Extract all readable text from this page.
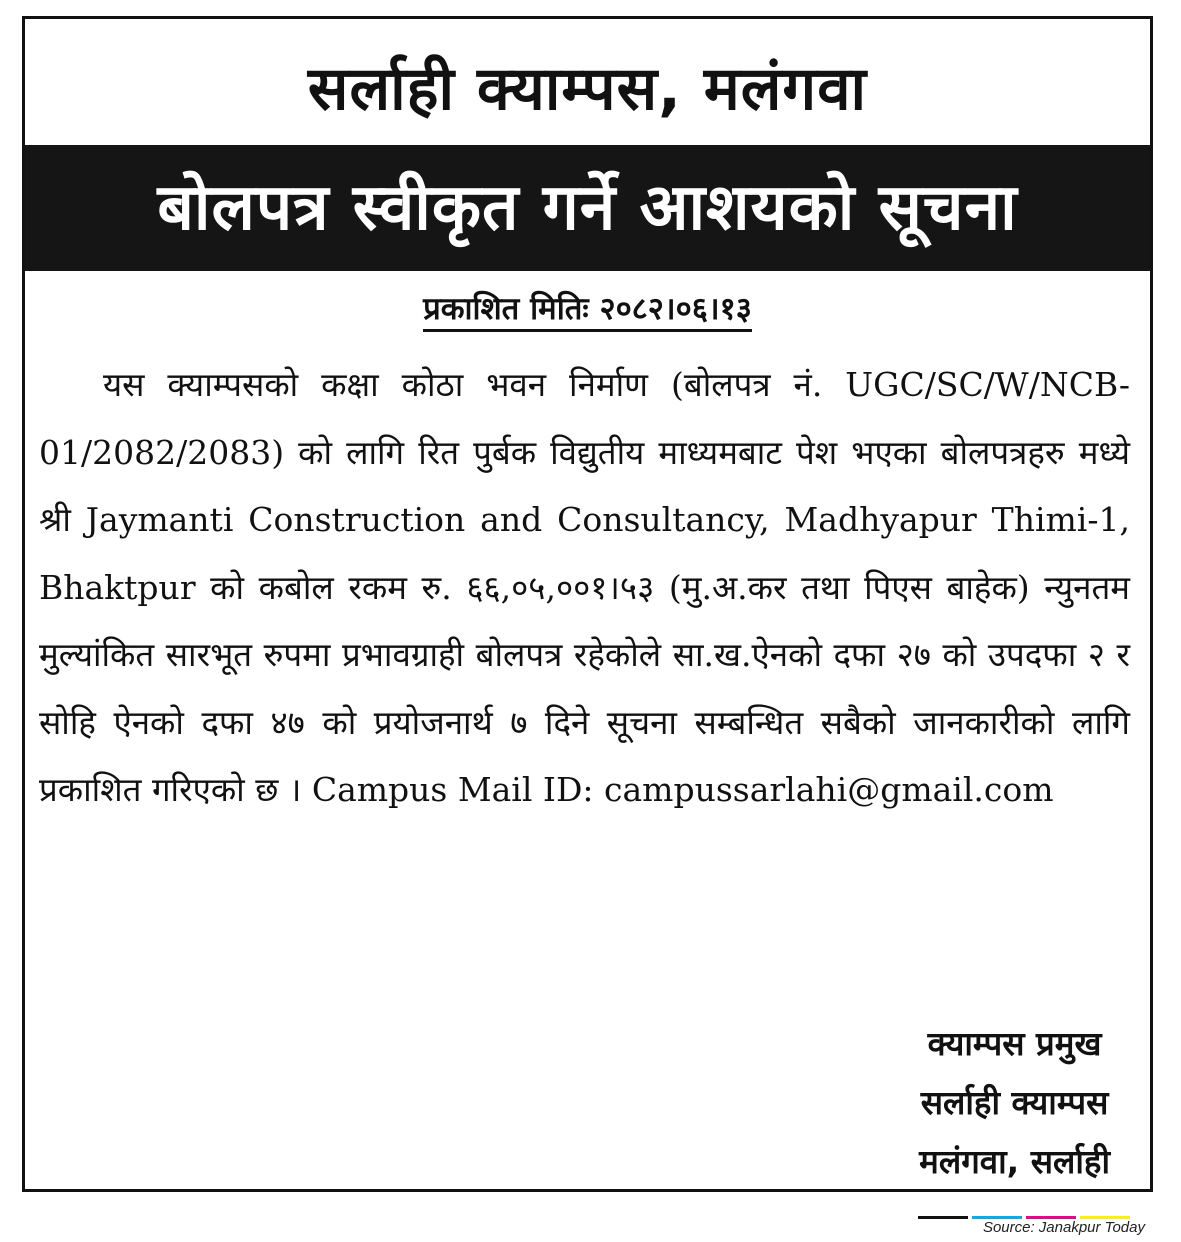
सर्लाही क्याम्पस, मलंगवा
बोलपत्र स्वीकृत गर्ने आशयको सूचना
प्रकाशित मितिः २०८२।०६।१३

यस क्याम्पसको कक्षा कोठा भवन निर्माण (बोलपत्र नं. UGC/SC/W/NCB-01/2082/2083) को लागि रित पुर्बक विद्युतीय माध्यमबाट पेश भएका बोलपत्रहरु मध्ये श्री Jaymanti Construction and Consultancy, Madhyapur Thimi-1, Bhaktpur को कबोल रकम रु. ६६,०५,००१।५३ (मु.अ.कर तथा पिएस बाहेक) न्युनतम मुल्यांकित सारभूत रुपमा प्रभावग्राही बोलपत्र रहेकोले सा.ख.ऐनको दफा २७ को उपदफा २ र सोहि ऐनको दफा ४७ को प्रयोजनार्थ ७ दिने सूचना सम्बन्धित सबैको जानकारीको लागि प्रकाशित गरिएको छ । Campus Mail ID: campussarlahi@gmail.com

क्याम्पस प्रमुख
सर्लाही क्याम्पस
मलंगवा, सर्लाही
Source: Janakpur Today
